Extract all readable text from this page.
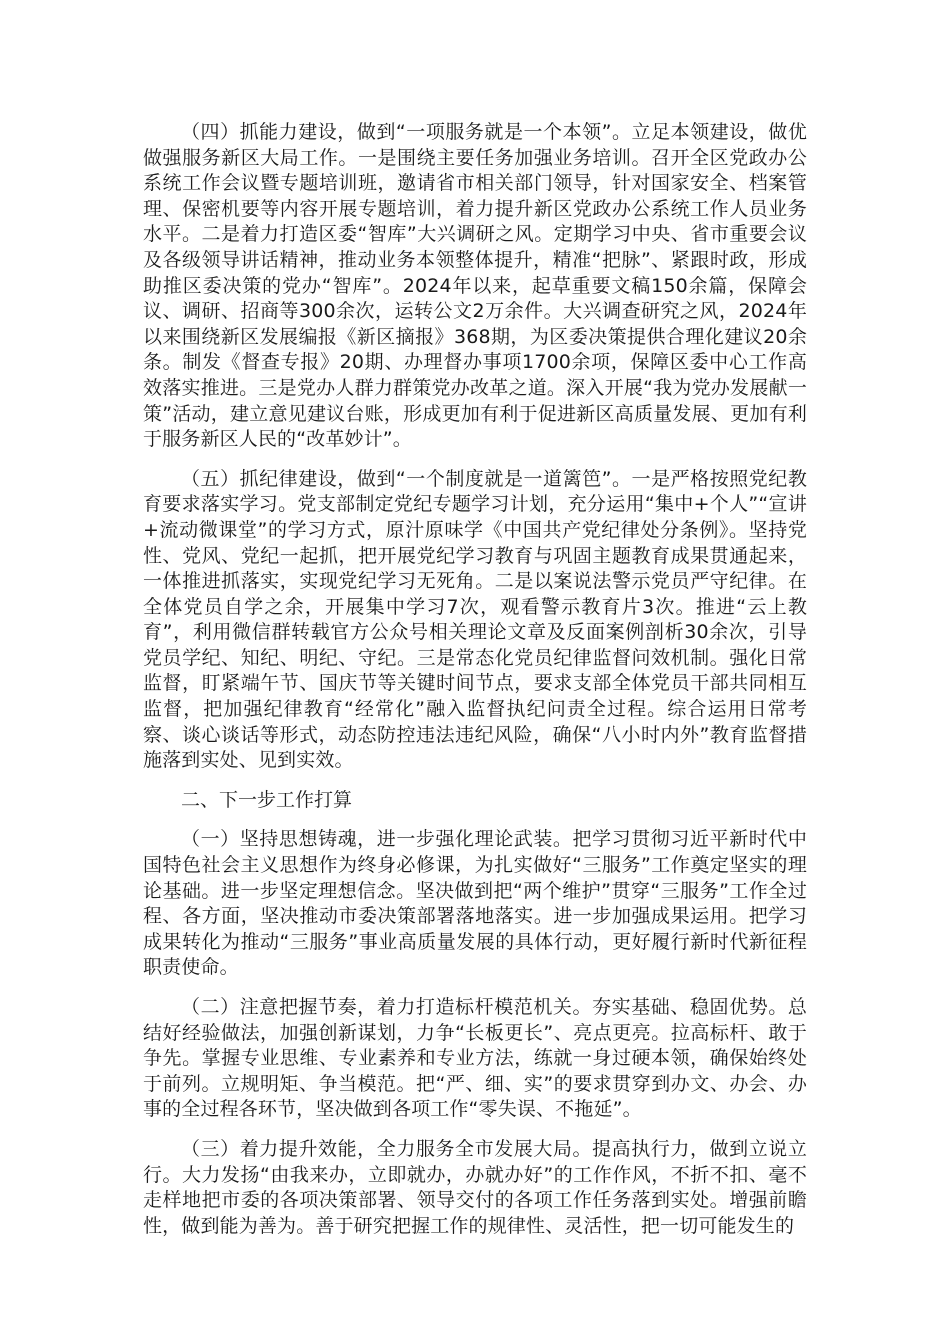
（四）抓能力建设，做到“一项服务就是一个本领”。立足本领建设，做优做强服务新区大局工作。一是围绕主要任务加强业务培训。召开全区党政办公系统工作会议暨专题培训班，邀请省市相关部门领导，针对国家安全、档案管理、保密机要等内容开展专题培训，着力提升新区党政办公系统工作人员业务水平。二是着力打造区委“智库”大兴调研之风。定期学习中央、省市重要会议及各级领导讲话精神，推动业务本领整体提升，精准“把脉”、紧跟时政，形成助推区委决策的党办“智库”。2024年以来，起草重要文稿150余篇，保障会议、调研、招商等300余次，运转公文2万余件。大兴调查研究之风，2024年以来围绕新区发展编报《新区摘报》368期，为区委决策提供合理化建议20余条。制发《督查专报》20期、办理督办事项1700余项，保障区委中心工作高效落实推进。三是党办人群力群策党办改革之道。深入开展“我为党办发展献一策”活动，建立意见建议台账，形成更加有利于促进新区高质量发展、更加有利于服务新区人民的“改革妙计”。

（五）抓纪律建设，做到“一个制度就是一道篱笆”。一是严格按照党纪教育要求落实学习。党支部制定党纪专题学习计划，充分运用“集中+个人”“宣讲+流动微课堂”的学习方式，原汁原味学《中国共产党纪律处分条例》。坚持党性、党风、党纪一起抓，把开展党纪学习教育与巩固主题教育成果贯通起来，一体推进抓落实，实现党纪学习无死角。二是以案说法警示党员严守纪律。在全体党员自学之余，开展集中学习7次，观看警示教育片3次。推进“云上教育”，利用微信群转载官方公众号相关理论文章及反面案例剖析30余次，引导党员学纪、知纪、明纪、守纪。三是常态化党员纪律监督问效机制。强化日常监督，盯紧端午节、国庆节等关键时间节点，要求支部全体党员干部共同相互监督，把加强纪律教育“经常化”融入监督执纪问责全过程。综合运用日常考察、谈心谈话等形式，动态防控违法违纪风险，确保“八小时内外”教育监督措施落到实处、见到实效。

二、下一步工作打算

（一）坚持思想铸魂，进一步强化理论武装。把学习贯彻习近平新时代中国特色社会主义思想作为终身必修课，为扎实做好“三服务”工作奠定坚实的理论基础。进一步坚定理想信念。坚决做到把“两个维护”贯穿“三服务”工作全过程、各方面，坚决推动市委决策部署落地落实。进一步加强成果运用。把学习成果转化为推动“三服务”事业高质量发展的具体行动，更好履行新时代新征程职责使命。

（二）注意把握节奏，着力打造标杆模范机关。夯实基础、稳固优势。总结好经验做法，加强创新谋划，力争“长板更长”、亮点更亮。拉高标杆、敢于争先。掌握专业思维、专业素养和专业方法，练就一身过硬本领，确保始终处于前列。立规明矩、争当模范。把“严、细、实”的要求贯穿到办文、办会、办事的全过程各环节，坚决做到各项工作“零失误、不拖延”。

（三）着力提升效能，全力服务全市发展大局。提高执行力，做到立说立行。大力发扬“由我来办，立即就办，办就办好”的工作作风，不折不扣、毫不走样地把市委的各项决策部署、领导交付的各项工作任务落到实处。增强前瞻性，做到能为善为。善于研究把握工作的规律性、灵活性，把一切可能发生的
